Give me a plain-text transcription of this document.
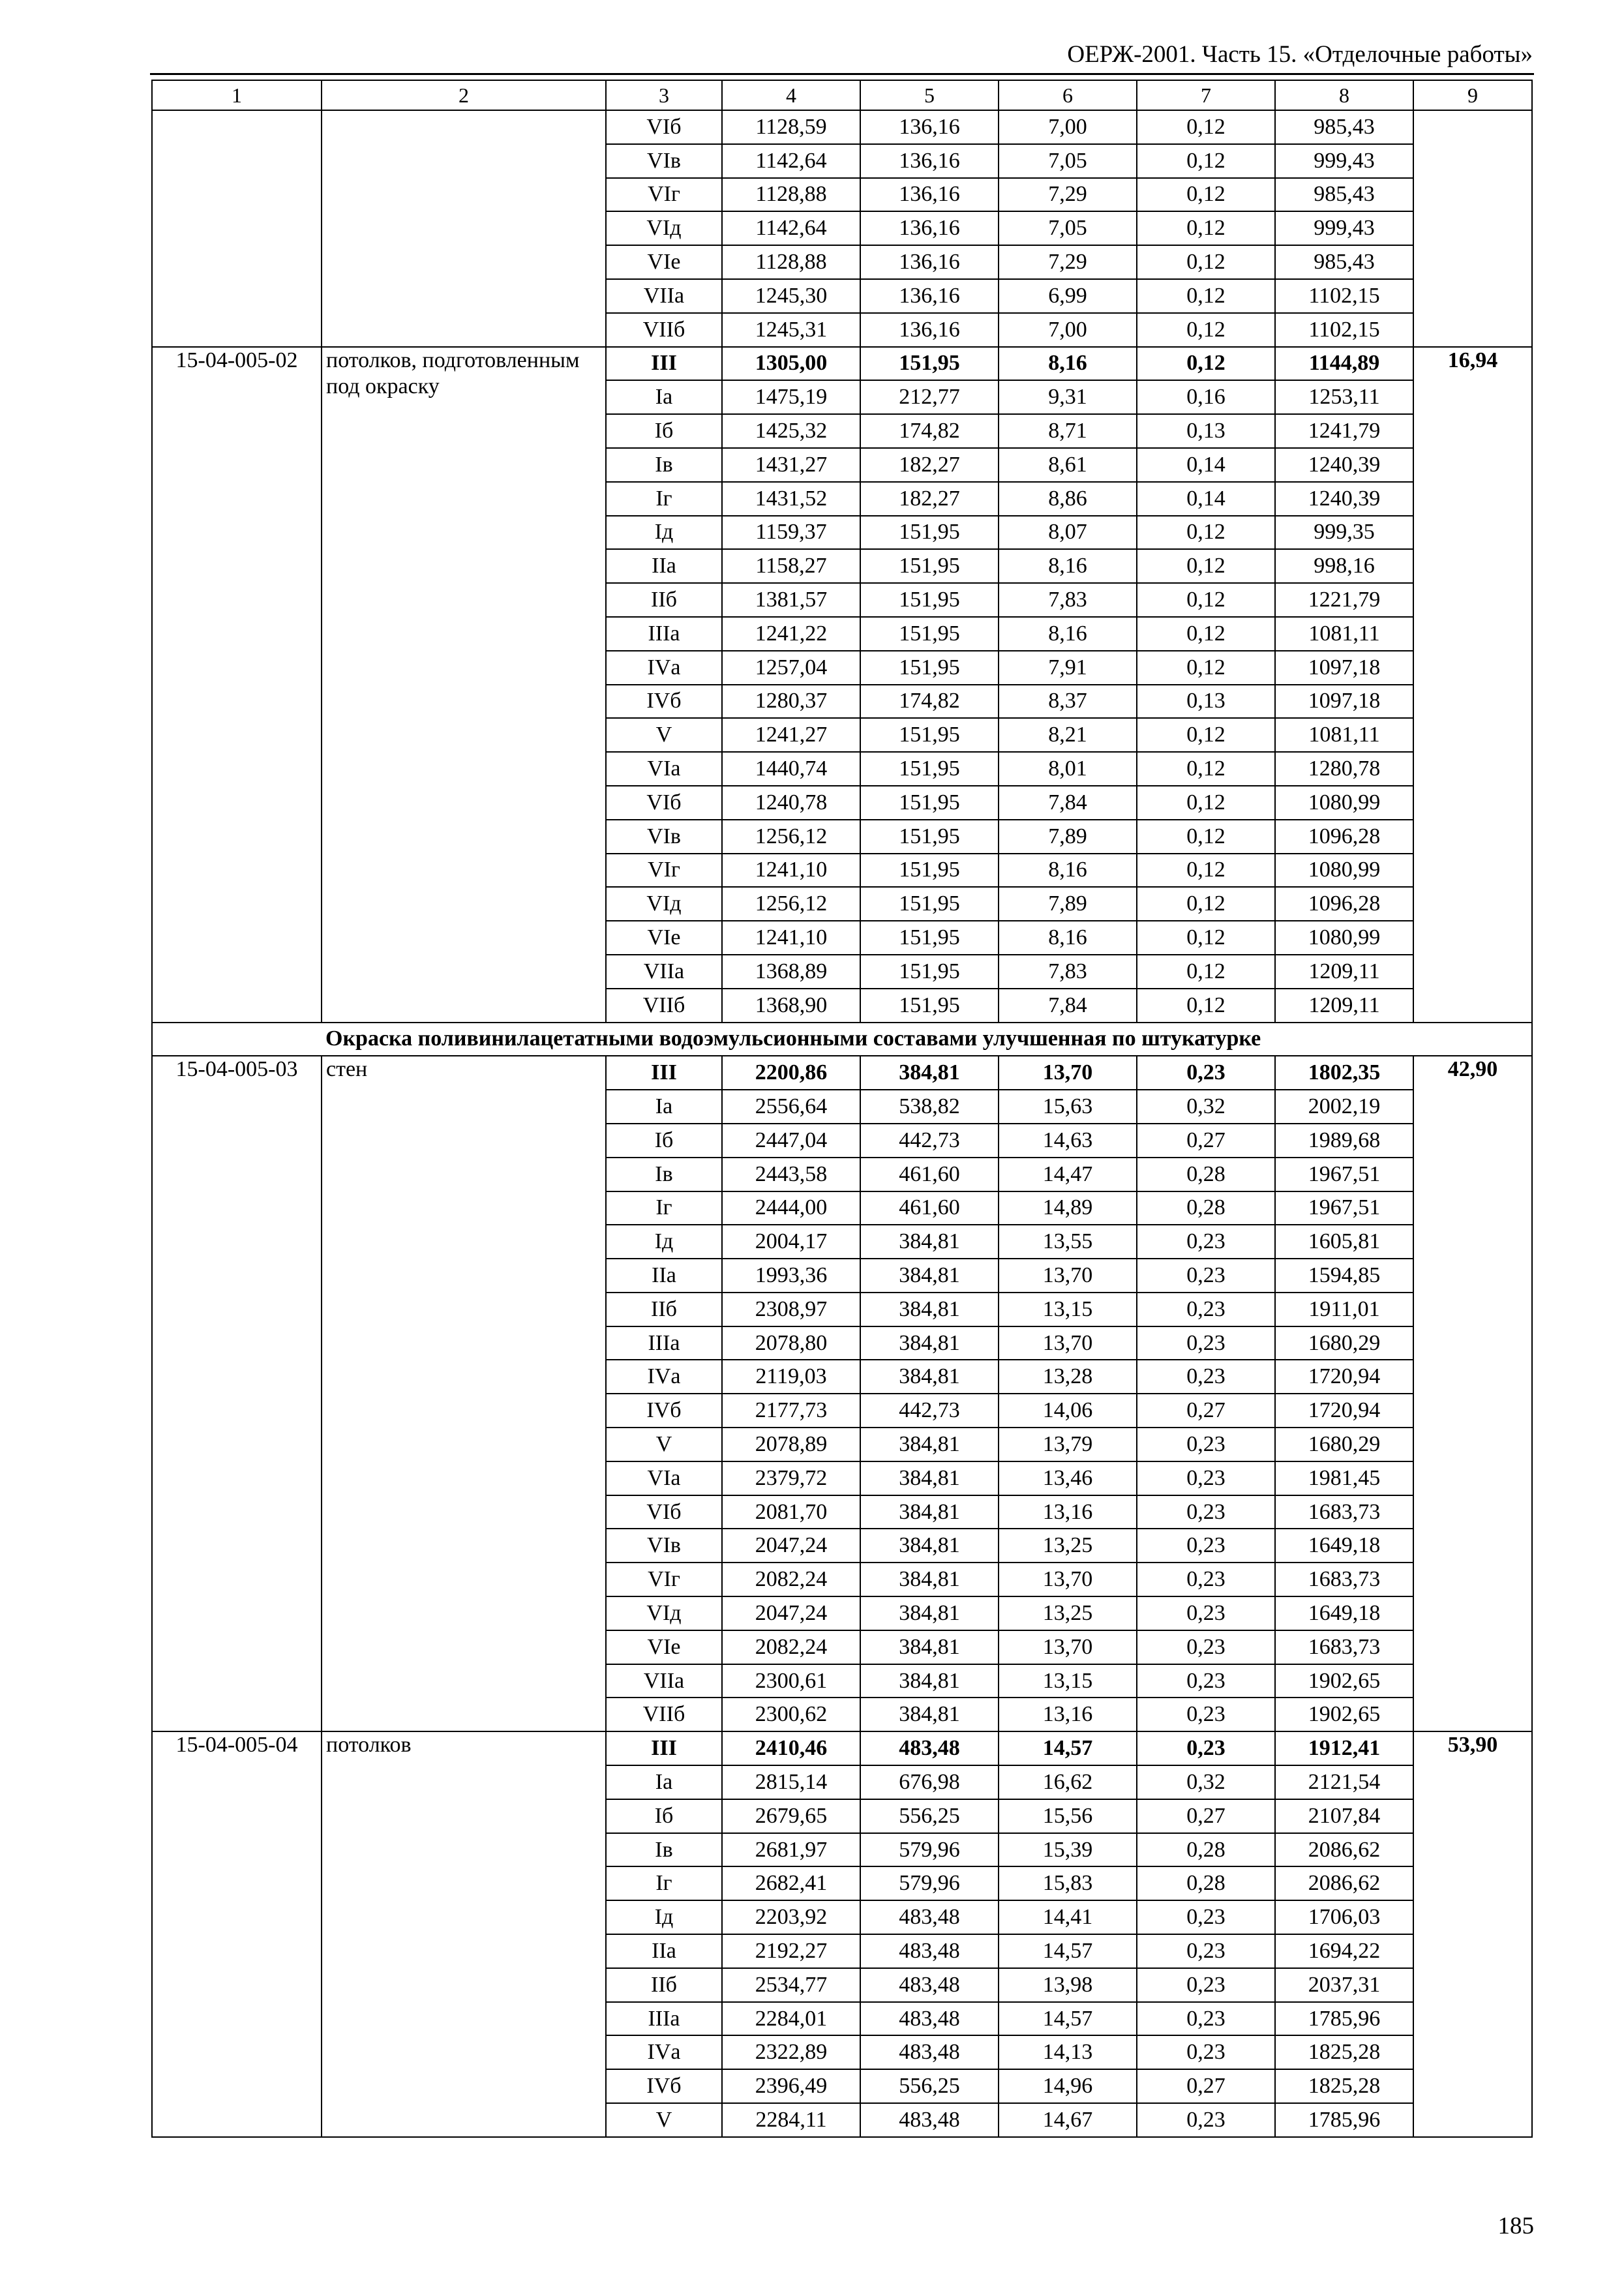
ОЕРЖ-2001. Часть 15. «Отделочные работы»
1	2	3	4	5	6	7	8	9
		VIб	1128,59	136,16	7,00	0,12	985,43	
		VIв	1142,64	136,16	7,05	0,12	999,43	
		VIг	1128,88	136,16	7,29	0,12	985,43	
		VIд	1142,64	136,16	7,05	0,12	999,43	
		VIе	1128,88	136,16	7,29	0,12	985,43	
		VIIа	1245,30	136,16	6,99	0,12	1102,15	
		VIIб	1245,31	136,16	7,00	0,12	1102,15	
15-04-005-02	потолков, подготовленным под окраску	III	1305,00	151,95	8,16	0,12	1144,89	16,94
		Iа	1475,19	212,77	9,31	0,16	1253,11	
		Iб	1425,32	174,82	8,71	0,13	1241,79	
		Iв	1431,27	182,27	8,61	0,14	1240,39	
		Iг	1431,52	182,27	8,86	0,14	1240,39	
		Iд	1159,37	151,95	8,07	0,12	999,35	
		IIа	1158,27	151,95	8,16	0,12	998,16	
		IIб	1381,57	151,95	7,83	0,12	1221,79	
		IIIа	1241,22	151,95	8,16	0,12	1081,11	
		IVа	1257,04	151,95	7,91	0,12	1097,18	
		IVб	1280,37	174,82	8,37	0,13	1097,18	
		V	1241,27	151,95	8,21	0,12	1081,11	
		VIа	1440,74	151,95	8,01	0,12	1280,78	
		VIб	1240,78	151,95	7,84	0,12	1080,99	
		VIв	1256,12	151,95	7,89	0,12	1096,28	
		VIг	1241,10	151,95	8,16	0,12	1080,99	
		VIд	1256,12	151,95	7,89	0,12	1096,28	
		VIе	1241,10	151,95	8,16	0,12	1080,99	
		VIIа	1368,89	151,95	7,83	0,12	1209,11	
		VIIб	1368,90	151,95	7,84	0,12	1209,11	
	Окраска поливинилацетатными водоэмульсионными составами улучшенная по штукатурке							
15-04-005-03	стен	III	2200,86	384,81	13,70	0,23	1802,35	42,90
		Iа	2556,64	538,82	15,63	0,32	2002,19	
		Iб	2447,04	442,73	14,63	0,27	1989,68	
		Iв	2443,58	461,60	14,47	0,28	1967,51	
		Iг	2444,00	461,60	14,89	0,28	1967,51	
		Iд	2004,17	384,81	13,55	0,23	1605,81	
		IIа	1993,36	384,81	13,70	0,23	1594,85	
		IIб	2308,97	384,81	13,15	0,23	1911,01	
		IIIа	2078,80	384,81	13,70	0,23	1680,29	
		IVа	2119,03	384,81	13,28	0,23	1720,94	
		IVб	2177,73	442,73	14,06	0,27	1720,94	
		V	2078,89	384,81	13,79	0,23	1680,29	
		VIа	2379,72	384,81	13,46	0,23	1981,45	
		VIб	2081,70	384,81	13,16	0,23	1683,73	
		VIв	2047,24	384,81	13,25	0,23	1649,18	
		VIг	2082,24	384,81	13,70	0,23	1683,73	
		VIд	2047,24	384,81	13,25	0,23	1649,18	
		VIе	2082,24	384,81	13,70	0,23	1683,73	
		VIIа	2300,61	384,81	13,15	0,23	1902,65	
		VIIб	2300,62	384,81	13,16	0,23	1902,65	
15-04-005-04	потолков	III	2410,46	483,48	14,57	0,23	1912,41	53,90
		Iа	2815,14	676,98	16,62	0,32	2121,54	
		Iб	2679,65	556,25	15,56	0,27	2107,84	
		Iв	2681,97	579,96	15,39	0,28	2086,62	
		Iг	2682,41	579,96	15,83	0,28	2086,62	
		Iд	2203,92	483,48	14,41	0,23	1706,03	
		IIа	2192,27	483,48	14,57	0,23	1694,22	
		IIб	2534,77	483,48	13,98	0,23	2037,31	
		IIIа	2284,01	483,48	14,57	0,23	1785,96	
		IVа	2322,89	483,48	14,13	0,23	1825,28	
		IVб	2396,49	556,25	14,96	0,27	1825,28	
		V	2284,11	483,48	14,67	0,23	1785,96	
185
